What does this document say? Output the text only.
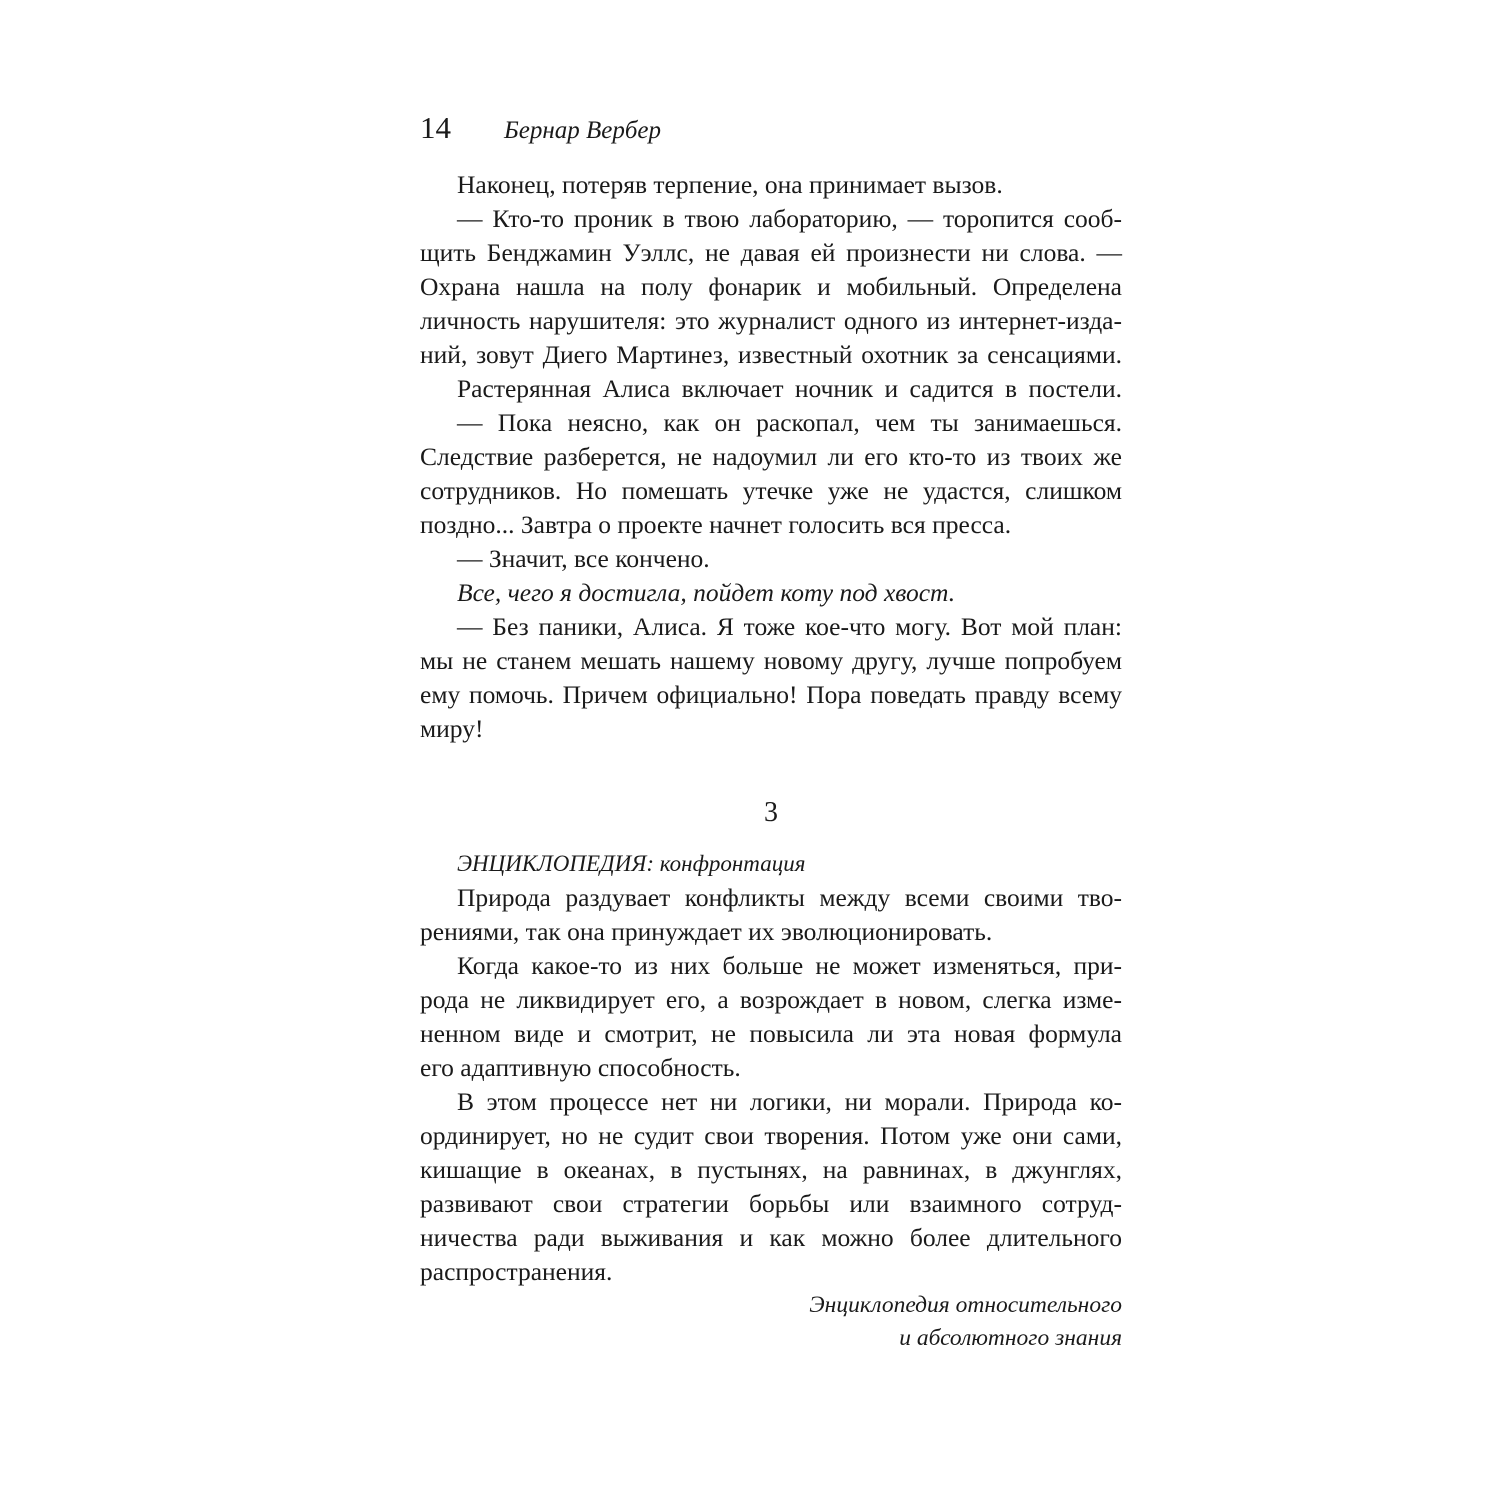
14	Бернар Вербер
Наконец, потеряв терпение, она принимает вызов.
— Кто-то проник в твою лабораторию, — торопится сооб-
щить Бенджамин Уэллс, не давая ей произнести ни слова. —
Охрана нашла на полу фонарик и мобильный. Определена
личность нарушителя: это журналист одного из интернет-изда-
ний, зовут Диего Мартинез, известный охотник за сенсациями.
Растерянная Алиса включает ночник и садится в постели.
— Пока неясно, как он раскопал, чем ты занимаешься.
Следствие разберется, не надоумил ли его кто-то из твоих же
сотрудников. Но помешать утечке уже не удастся, слишком
поздно... Завтра о проекте начнет голосить вся пресса.
— Значит, все кончено.
Все, чего я достигла, пойдет коту под хвост.
— Без паники, Алиса. Я тоже кое-что могу. Вот мой план:
мы не станем мешать нашему новому другу, лучше попробуем
ему помочь. Причем официально! Пора поведать правду всему
миру!
3
ЭНЦИКЛОПЕДИЯ: конфронтация
Природа раздувает конфликты между всеми своими тво-
рениями, так она принуждает их эволюционировать.
Когда какое-то из них больше не может изменяться, при-
рода не ликвидирует его, а возрождает в новом, слегка изме-
ненном виде и смотрит, не повысила ли эта новая формула
его адаптивную способность.
В этом процессе нет ни логики, ни морали. Природа ко-
ординирует, но не судит свои творения. Потом уже они сами,
кишащие в океанах, в пустынях, на равнинах, в джунглях,
развивают свои стратегии борьбы или взаимного сотруд-
ничества ради выживания и как можно более длительного
распространения.
Энциклопедия относительного
и абсолютного знания
